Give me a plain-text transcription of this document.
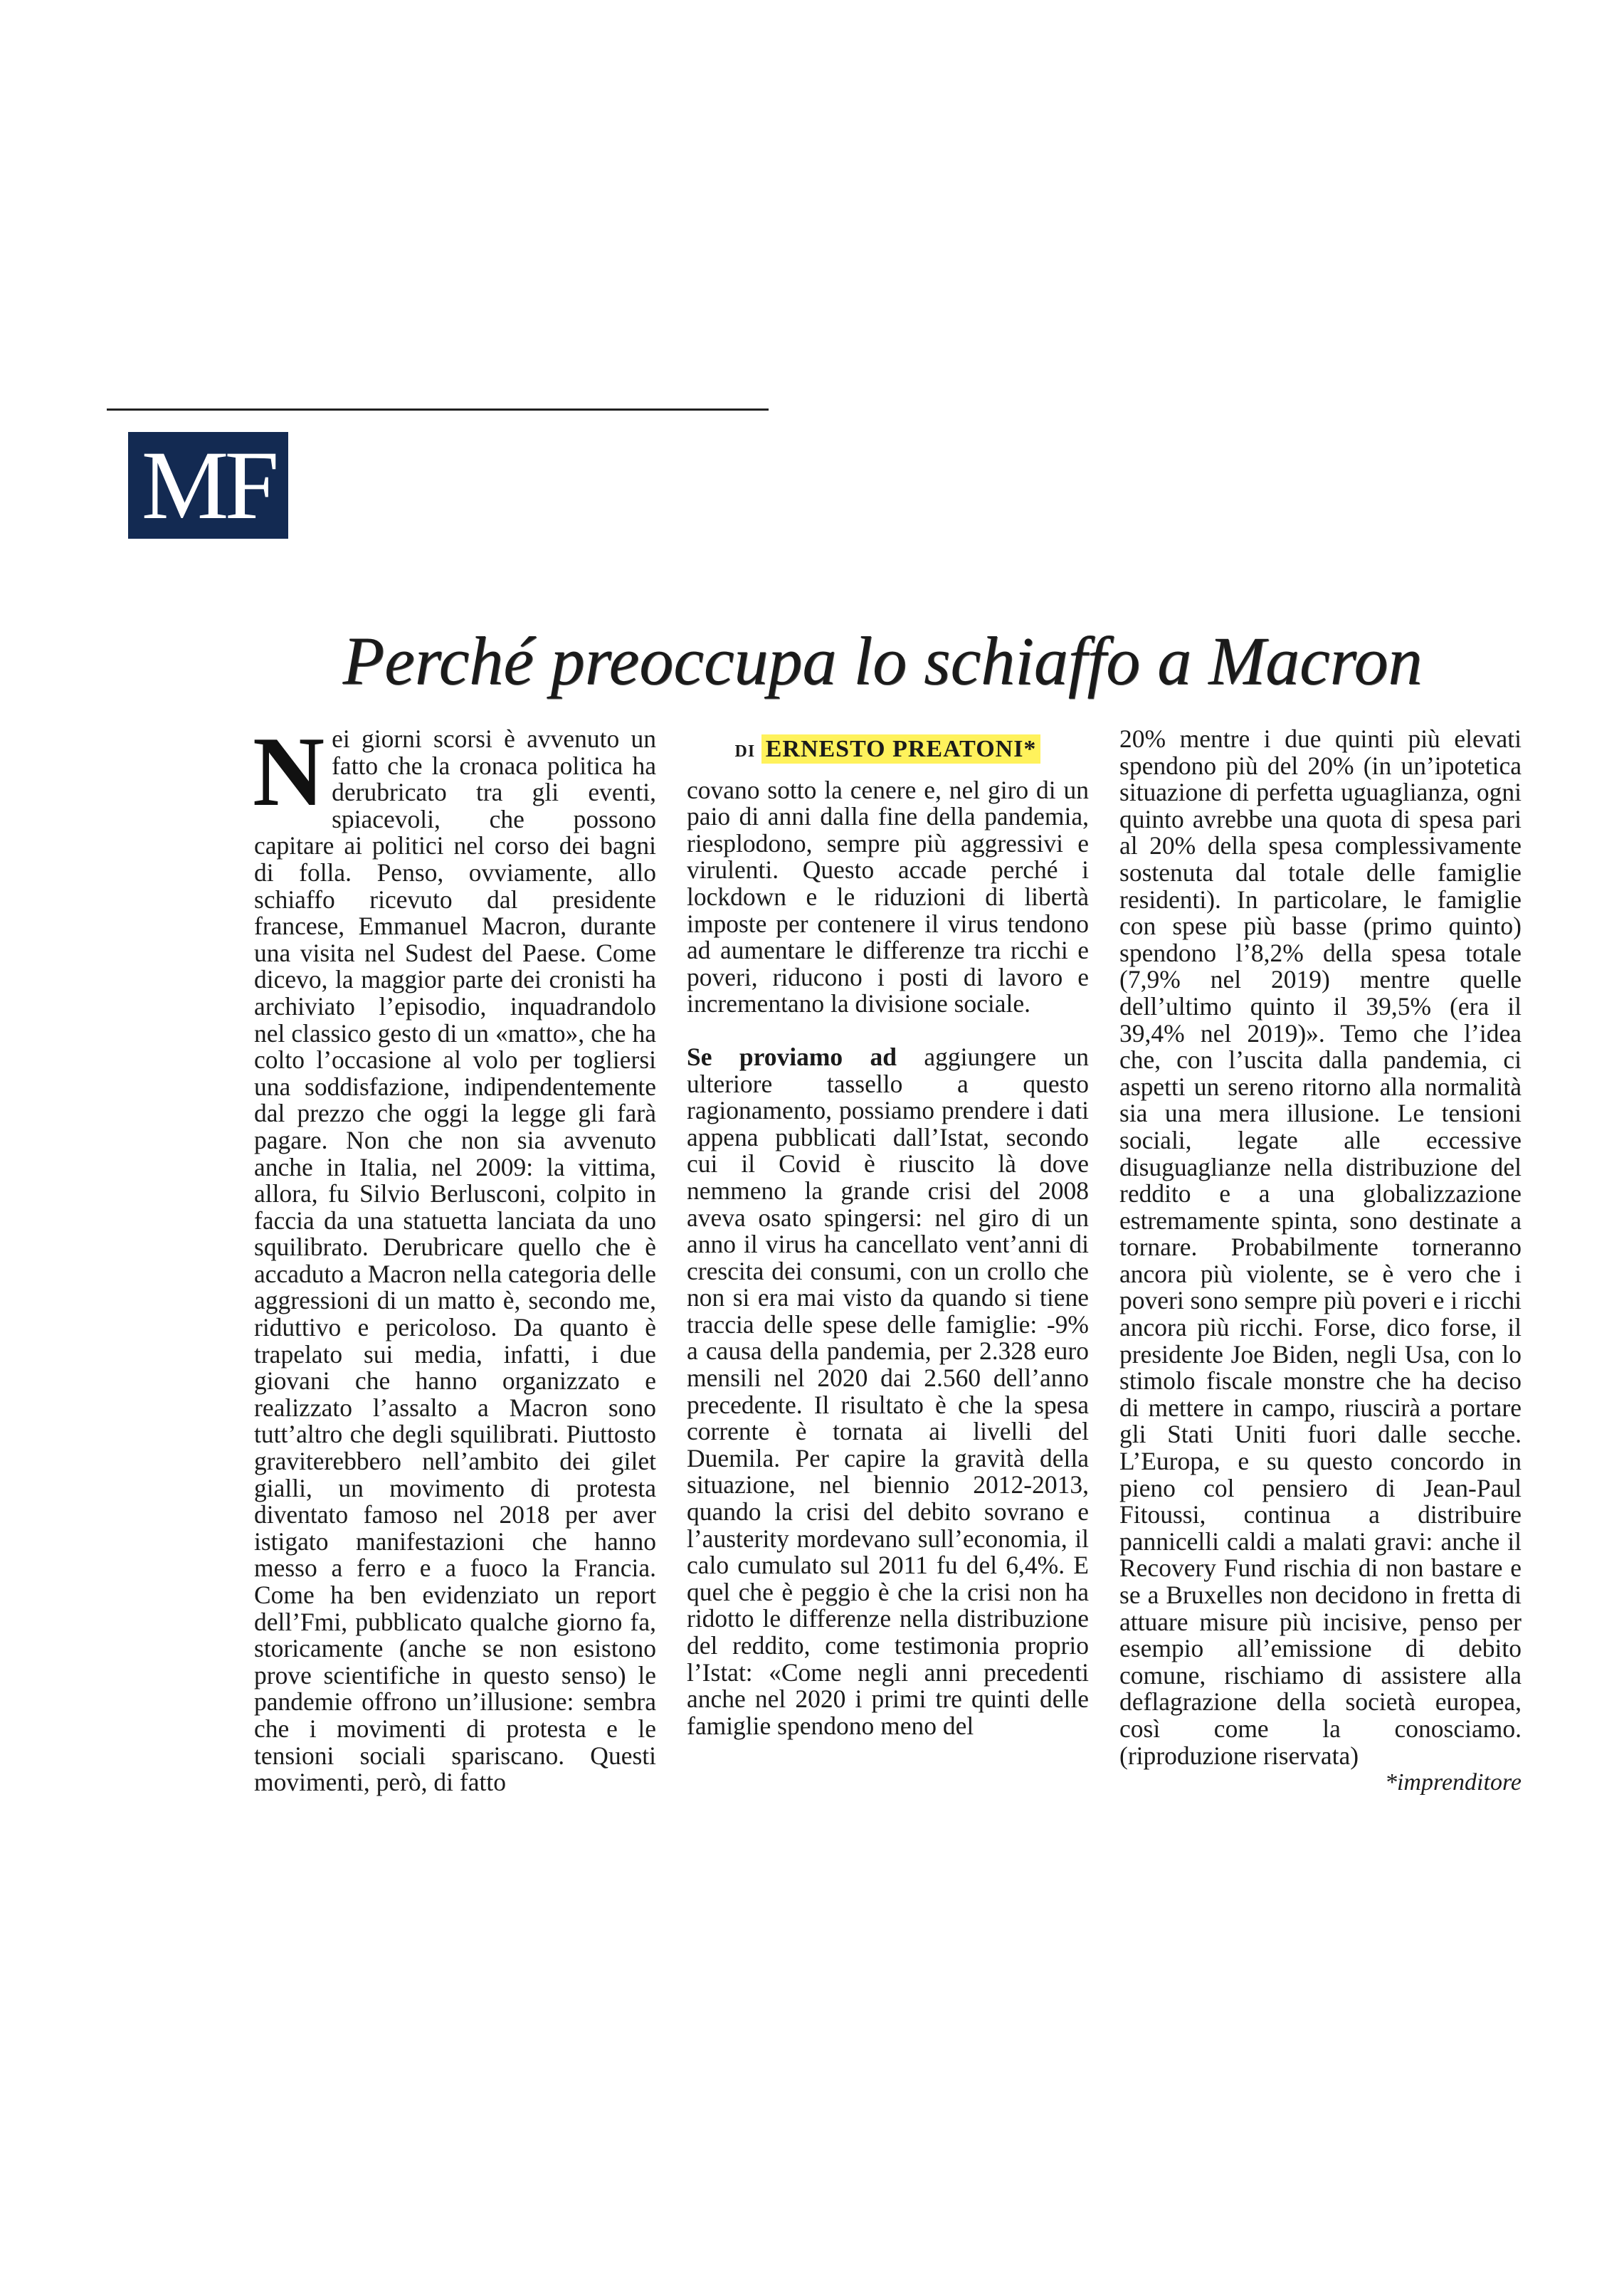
MF
Perché preoccupa lo schiaffo a Macron
N ei giorni scorsi è avvenuto un fatto che la cronaca politica ha derubricato tra gli eventi, spiacevoli, che possono capitare ai politici nel corso dei bagni di folla. Penso, ovviamente, allo schiaffo ricevuto dal presidente francese, Emmanuel Macron, durante una visita nel Sudest del Paese. Come dicevo, la maggior parte dei cronisti ha archiviato l’episodio, inquadrandolo nel classico gesto di un «matto», che ha colto l’occasione al volo per togliersi una soddisfazione, indipendentemente dal prezzo che oggi la legge gli farà pagare. Non che non sia avvenuto anche in Italia, nel 2009: la vittima, allora, fu Silvio Berlusconi, colpito in faccia da una statuetta lanciata da uno squilibrato. Derubricare quello che è accaduto a Macron nella categoria delle aggressioni di un matto è, secondo me, riduttivo e pericoloso. Da quanto è trapelato sui media, infatti, i due giovani che hanno organizzato e realizzato l’assalto a Macron sono tutt’altro che degli squilibrati. Piuttosto graviterebbero nell’ambito dei gilet gialli, un movimento di protesta diventato famoso nel 2018 per aver istigato manifestazioni che hanno messo a ferro e a fuoco la Francia. Come ha ben evidenziato un report dell’Fmi, pubblicato qualche giorno fa, storicamente (anche se non esistono prove scientifiche in questo senso) le pandemie offrono un’illusione: sembra che i movimenti di protesta e le tensioni sociali spariscano. Questi movimenti, però, di fatto

DI ERNESTO PREATONI*

covano sotto la cenere e, nel giro di un paio di anni dalla fine della pandemia, riesplodono, sempre più aggressivi e virulenti. Questo accade perché i lockdown e le riduzioni di libertà imposte per contenere il virus tendono ad aumentare le differenze tra ricchi e poveri, riducono i posti di lavoro e incrementano la divisione sociale.

Se proviamo ad aggiungere un ulteriore tassello a questo ragionamento, possiamo prendere i dati appena pubblicati dall’Istat, secondo cui il Covid è riuscito là dove nemmeno la grande crisi del 2008 aveva osato spingersi: nel giro di un anno il virus ha cancellato vent’anni di crescita dei consumi, con un crollo che non si era mai visto da quando si tiene traccia delle spese delle famiglie: -9% a causa della pandemia, per 2.328 euro mensili nel 2020 dai 2.560 dell’anno precedente. Il risultato è che la spesa corrente è tornata ai livelli del Duemila. Per capire la gravità della situazione, nel biennio 2012-2013, quando la crisi del debito sovrano e l’austerity mordevano sull’economia, il calo cumulato sul 2011 fu del 6,4%. E quel che è peggio è che la crisi non ha ridotto le differenze nella distribuzione del reddito, come testimonia proprio l’Istat: «Come negli anni precedenti anche nel 2020 i primi tre quinti delle famiglie spendono meno del

20% mentre i due quinti più elevati spendono più del 20% (in un’ipotetica situazione di perfetta uguaglianza, ogni quinto avrebbe una quota di spesa pari al 20% della spesa complessivamente sostenuta dal totale delle famiglie residenti). In particolare, le famiglie con spese più basse (primo quinto) spendono l’8,2% della spesa totale (7,9% nel 2019) mentre quelle dell’ultimo quinto il 39,5% (era il 39,4% nel 2019)». Temo che l’idea che, con l’uscita dalla pandemia, ci aspetti un sereno ritorno alla normalità sia una mera illusione. Le tensioni sociali, legate alle eccessive disuguaglianze nella distribuzione del reddito e a una globalizzazione estremamente spinta, sono destinate a tornare. Probabilmente torneranno ancora più violente, se è vero che i poveri sono sempre più poveri e i ricchi ancora più ricchi. Forse, dico forse, il presidente Joe Biden, negli Usa, con lo stimolo fiscale monstre che ha deciso di mettere in campo, riuscirà a portare gli Stati Uniti fuori dalle secche. L’Europa, e su questo concordo in pieno col pensiero di Jean-Paul Fitoussi, continua a distribuire pannicelli caldi a malati gravi: anche il Recovery Fund rischia di non bastare e se a Bruxelles non decidono in fretta di attuare misure più incisive, penso per esempio all’emissione di debito comune, rischiamo di assistere alla deflagrazione della società europea, così come la conosciamo. (riproduzione riservata)

*imprenditore
